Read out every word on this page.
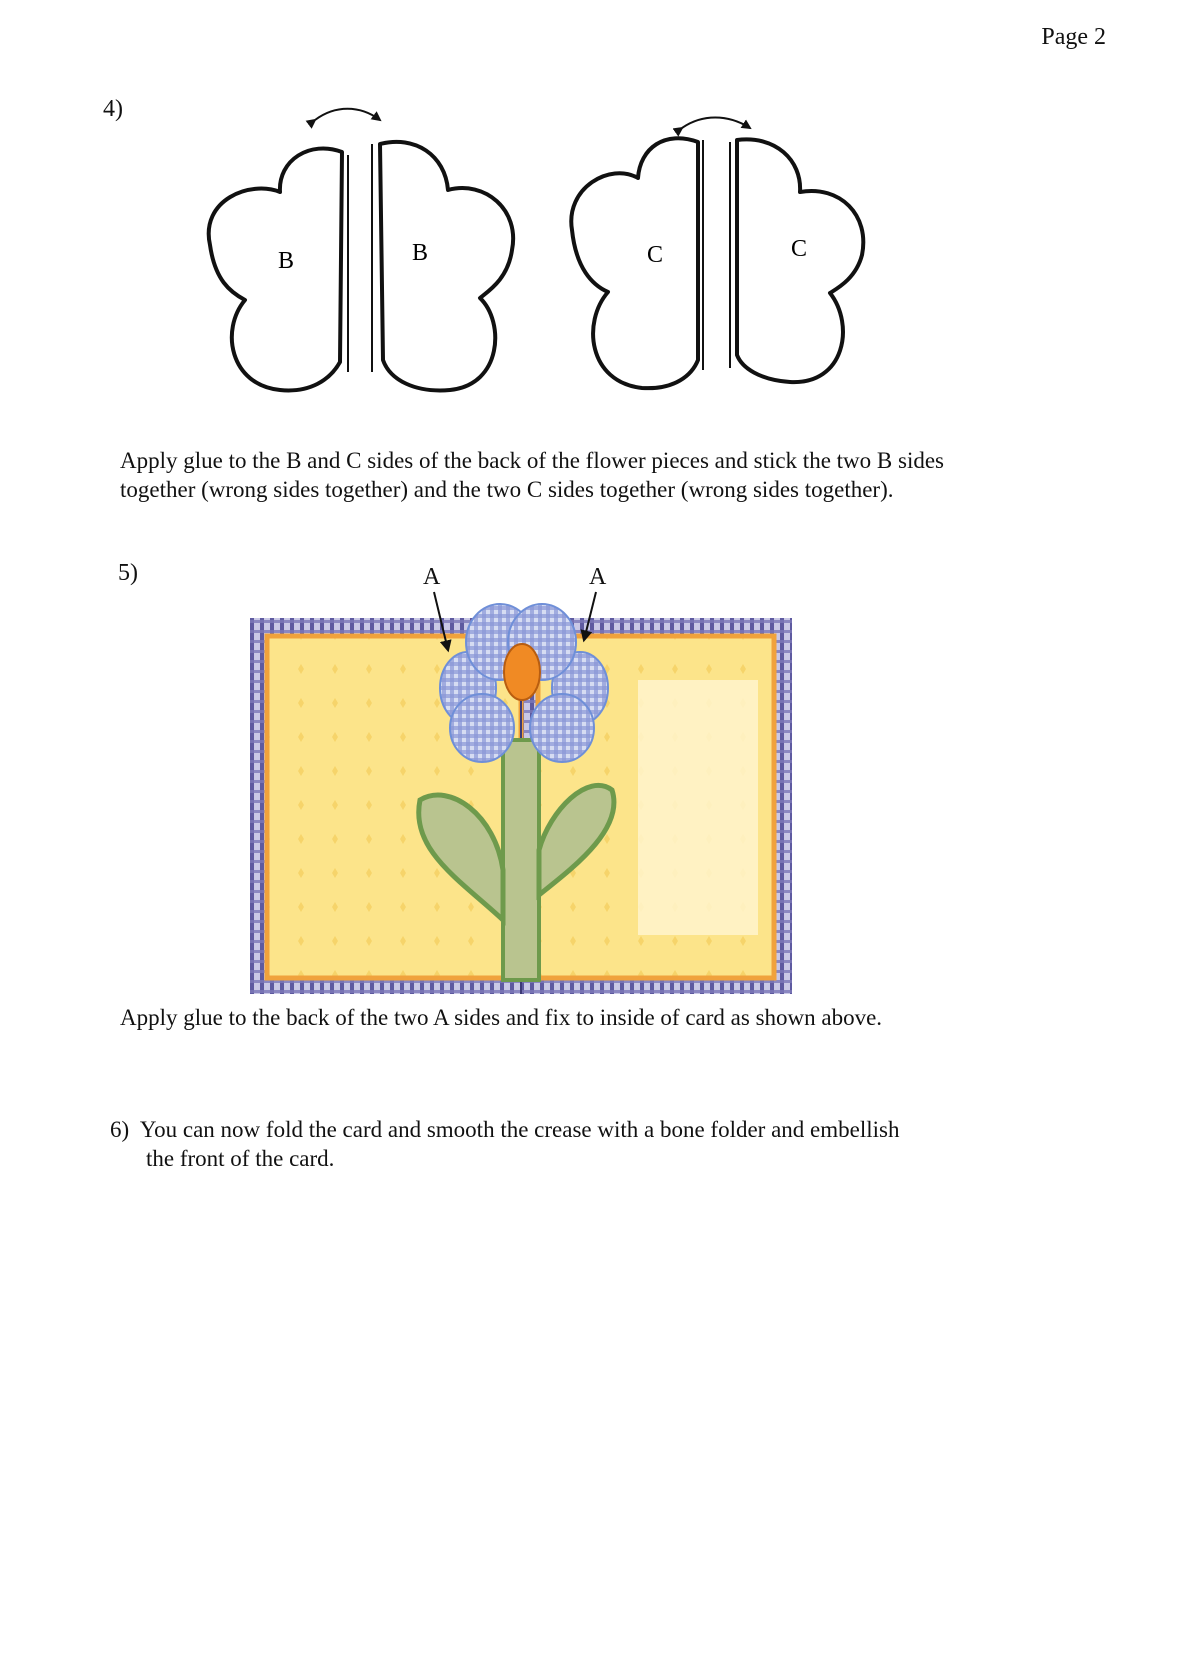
Page 2
4)
B	B	C	C
Apply glue to the B and C sides of the back of the flower pieces and stick the two B sides
together (wrong sides together) and the two C sides together (wrong sides together).
5)	A	A
Apply glue to the back of the two A sides and fix to inside of card as shown above.
6) You can now fold the card and smooth the crease with a bone folder and embellish
the front of the card.
